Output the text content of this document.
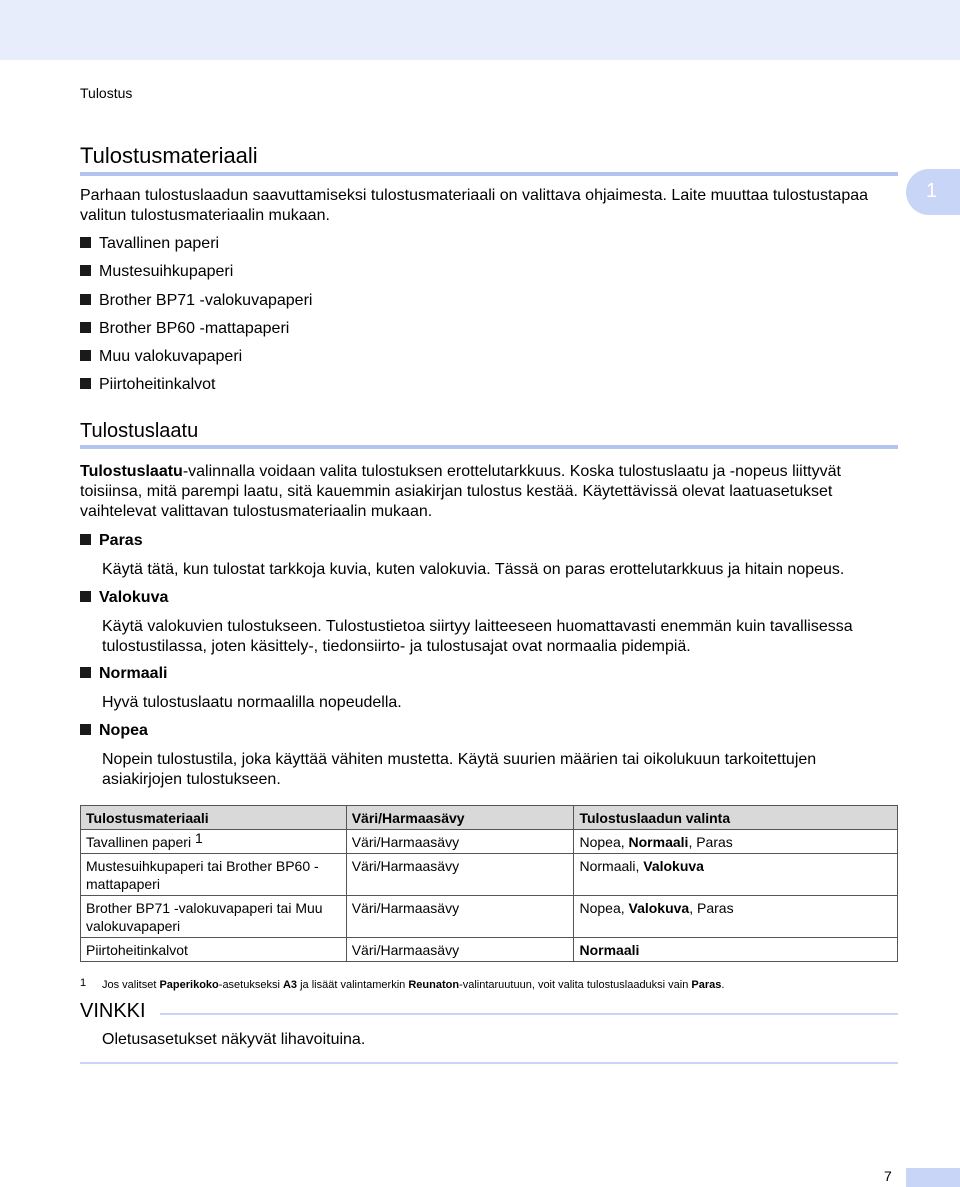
Tulostus
1
Tulostusmateriaali

Parhaan tulostuslaadun saavuttamiseksi tulostusmateriaali on valittava ohjaimesta. Laite muuttaa tulostustapaa valitun tulostusmateriaalin mukaan.

Tavallinen paperi
Mustesuihkupaperi
Brother BP71 -valokuvapaperi
Brother BP60 -mattapaperi
Muu valokuvapaperi
Piirtoheitinkalvot
Tulostuslaatu

Tulostuslaatu-valinnalla voidaan valita tulostuksen erottelutarkkuus. Koska tulostuslaatu ja -nopeus liittyvät toisiinsa, mitä parempi laatu, sitä kauemmin asiakirjan tulostus kestää. Käytettävissä olevat laatuasetukset vaihtelevat valittavan tulostusmateriaalin mukaan.

Paras

Käytä tätä, kun tulostat tarkkoja kuvia, kuten valokuvia. Tässä on paras erottelutarkkuus ja hitain nopeus.

Valokuva

Käytä valokuvien tulostukseen. Tulostustietoa siirtyy laitteeseen huomattavasti enemmän kuin tavallisessa tulostustilassa, joten käsittely-, tiedonsiirto- ja tulostusajat ovat normaalia pidempiä.

Normaali

Hyvä tulostuslaatu normaalilla nopeudella.

Nopea

Nopein tulostustila, joka käyttää vähiten mustetta. Käytä suurien määrien tai oikolukuun tarkoitettujen asiakirjojen tulostukseen.

Tulostusmateriaali	Väri/Harmaasävy	Tulostuslaadun valinta
Tavallinen paperi $^1$	Väri/Harmaasävy	Nopea, Normaali, Paras
Mustesuihkupaperi tai Brother BP60 -mattapaperi	Väri/Harmaasävy	Normaali, Valokuva
Brother BP71 -valokuvapaperi tai Muu valokuvapaperi	Väri/Harmaasävy	Nopea, Valokuva, Paras
Piirtoheitinkalvot	Väri/Harmaasävy	Normaali
1 Jos valitset Paperikoko-asetukseksi A3 ja lisäät valintamerkin Reunaton-valintaruutuun, voit valita tulostuslaaduksi vain Paras.
VINKKI
Oletusasetukset näkyvät lihavoituina.
7
